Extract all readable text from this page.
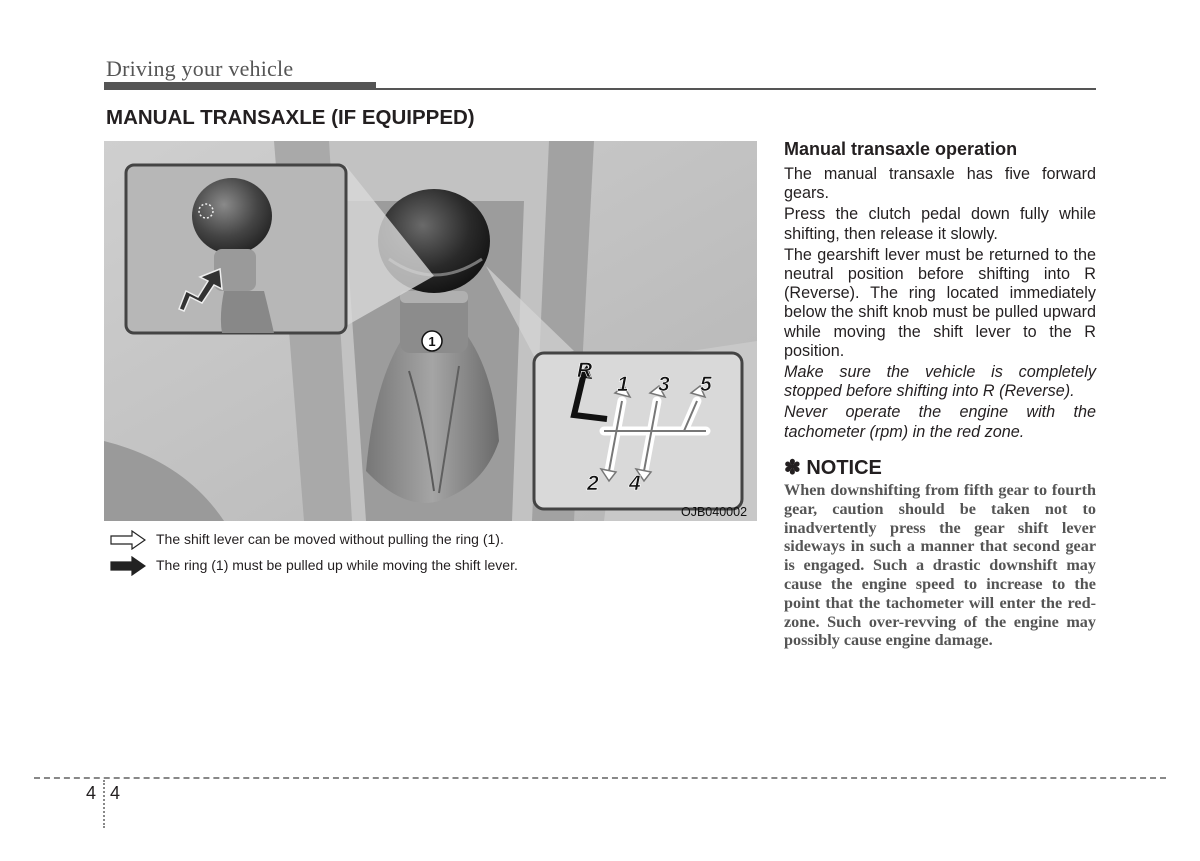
Driving your vehicle
MANUAL TRANSAXLE (IF EQUIPPED)
1
R
1 3 5
2 4
OJB040002
The shift lever can be moved without pulling the ring (1).
The ring (1) must be pulled up while moving the shift lever.
Manual transaxle operation

The manual transaxle has five forward gears.

Press the clutch pedal down fully while shifting, then release it slowly.

The gearshift lever must be returned to the neutral position before shifting into R (Reverse). The ring located immediately below the shift knob must be pulled upward while moving the shift lever to the R position.

Make sure the vehicle is completely stopped before shifting into R (Reverse).

Never operate the engine with the tachometer (rpm) in the red zone.

✽ NOTICE

When downshifting from fifth gear to fourth gear, caution should be taken not to inadvertently press the gear shift lever sideways in such a manner that second gear is engaged. Such a drastic downshift may cause the engine speed to increase to the point that the tachometer will enter the red-zone. Such over-revving of the engine may possibly cause engine damage.

4 4
